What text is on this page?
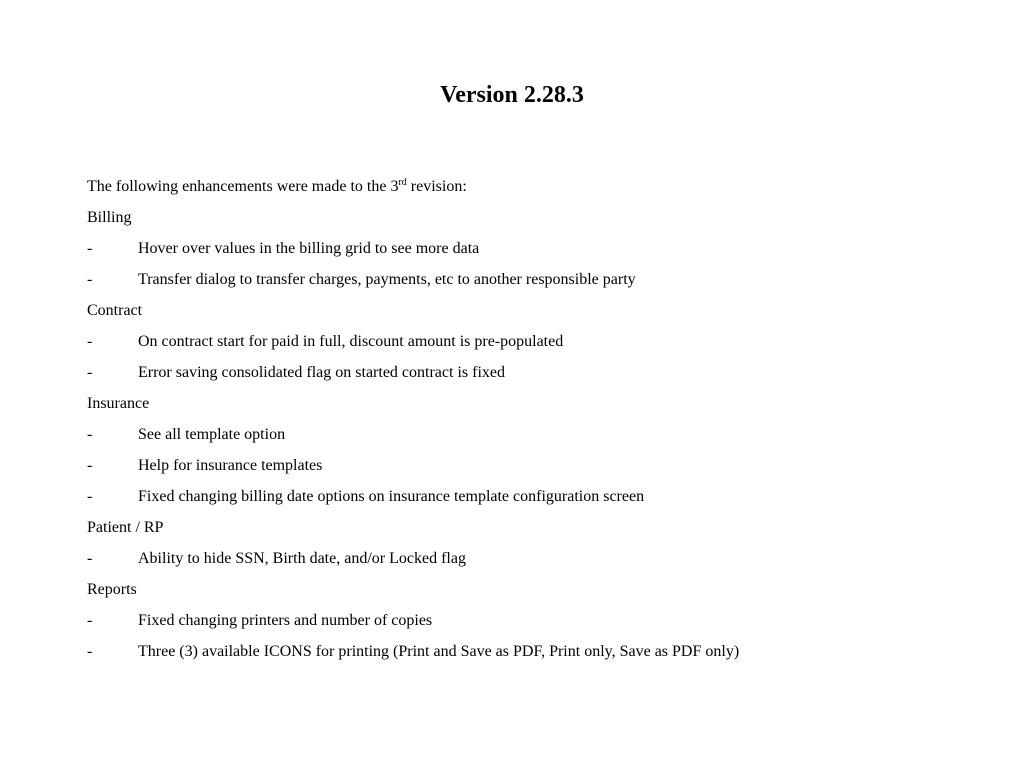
Version 2.28.3
The following enhancements were made to the 3rd revision:
Billing
-	Hover over values in the billing grid to see more data
-	Transfer dialog to transfer charges, payments, etc to another responsible party
Contract
-	On contract start for paid in full, discount amount is pre-populated
-	Error saving consolidated flag on started contract is fixed
Insurance
-	See all template option
-	Help for insurance templates
-	Fixed changing billing date options on insurance template configuration screen
Patient / RP
-	Ability to hide SSN, Birth date, and/or Locked flag
Reports
-	Fixed changing printers and number of copies
-	Three (3) available ICONS for printing (Print and Save as PDF, Print only, Save as PDF only)
